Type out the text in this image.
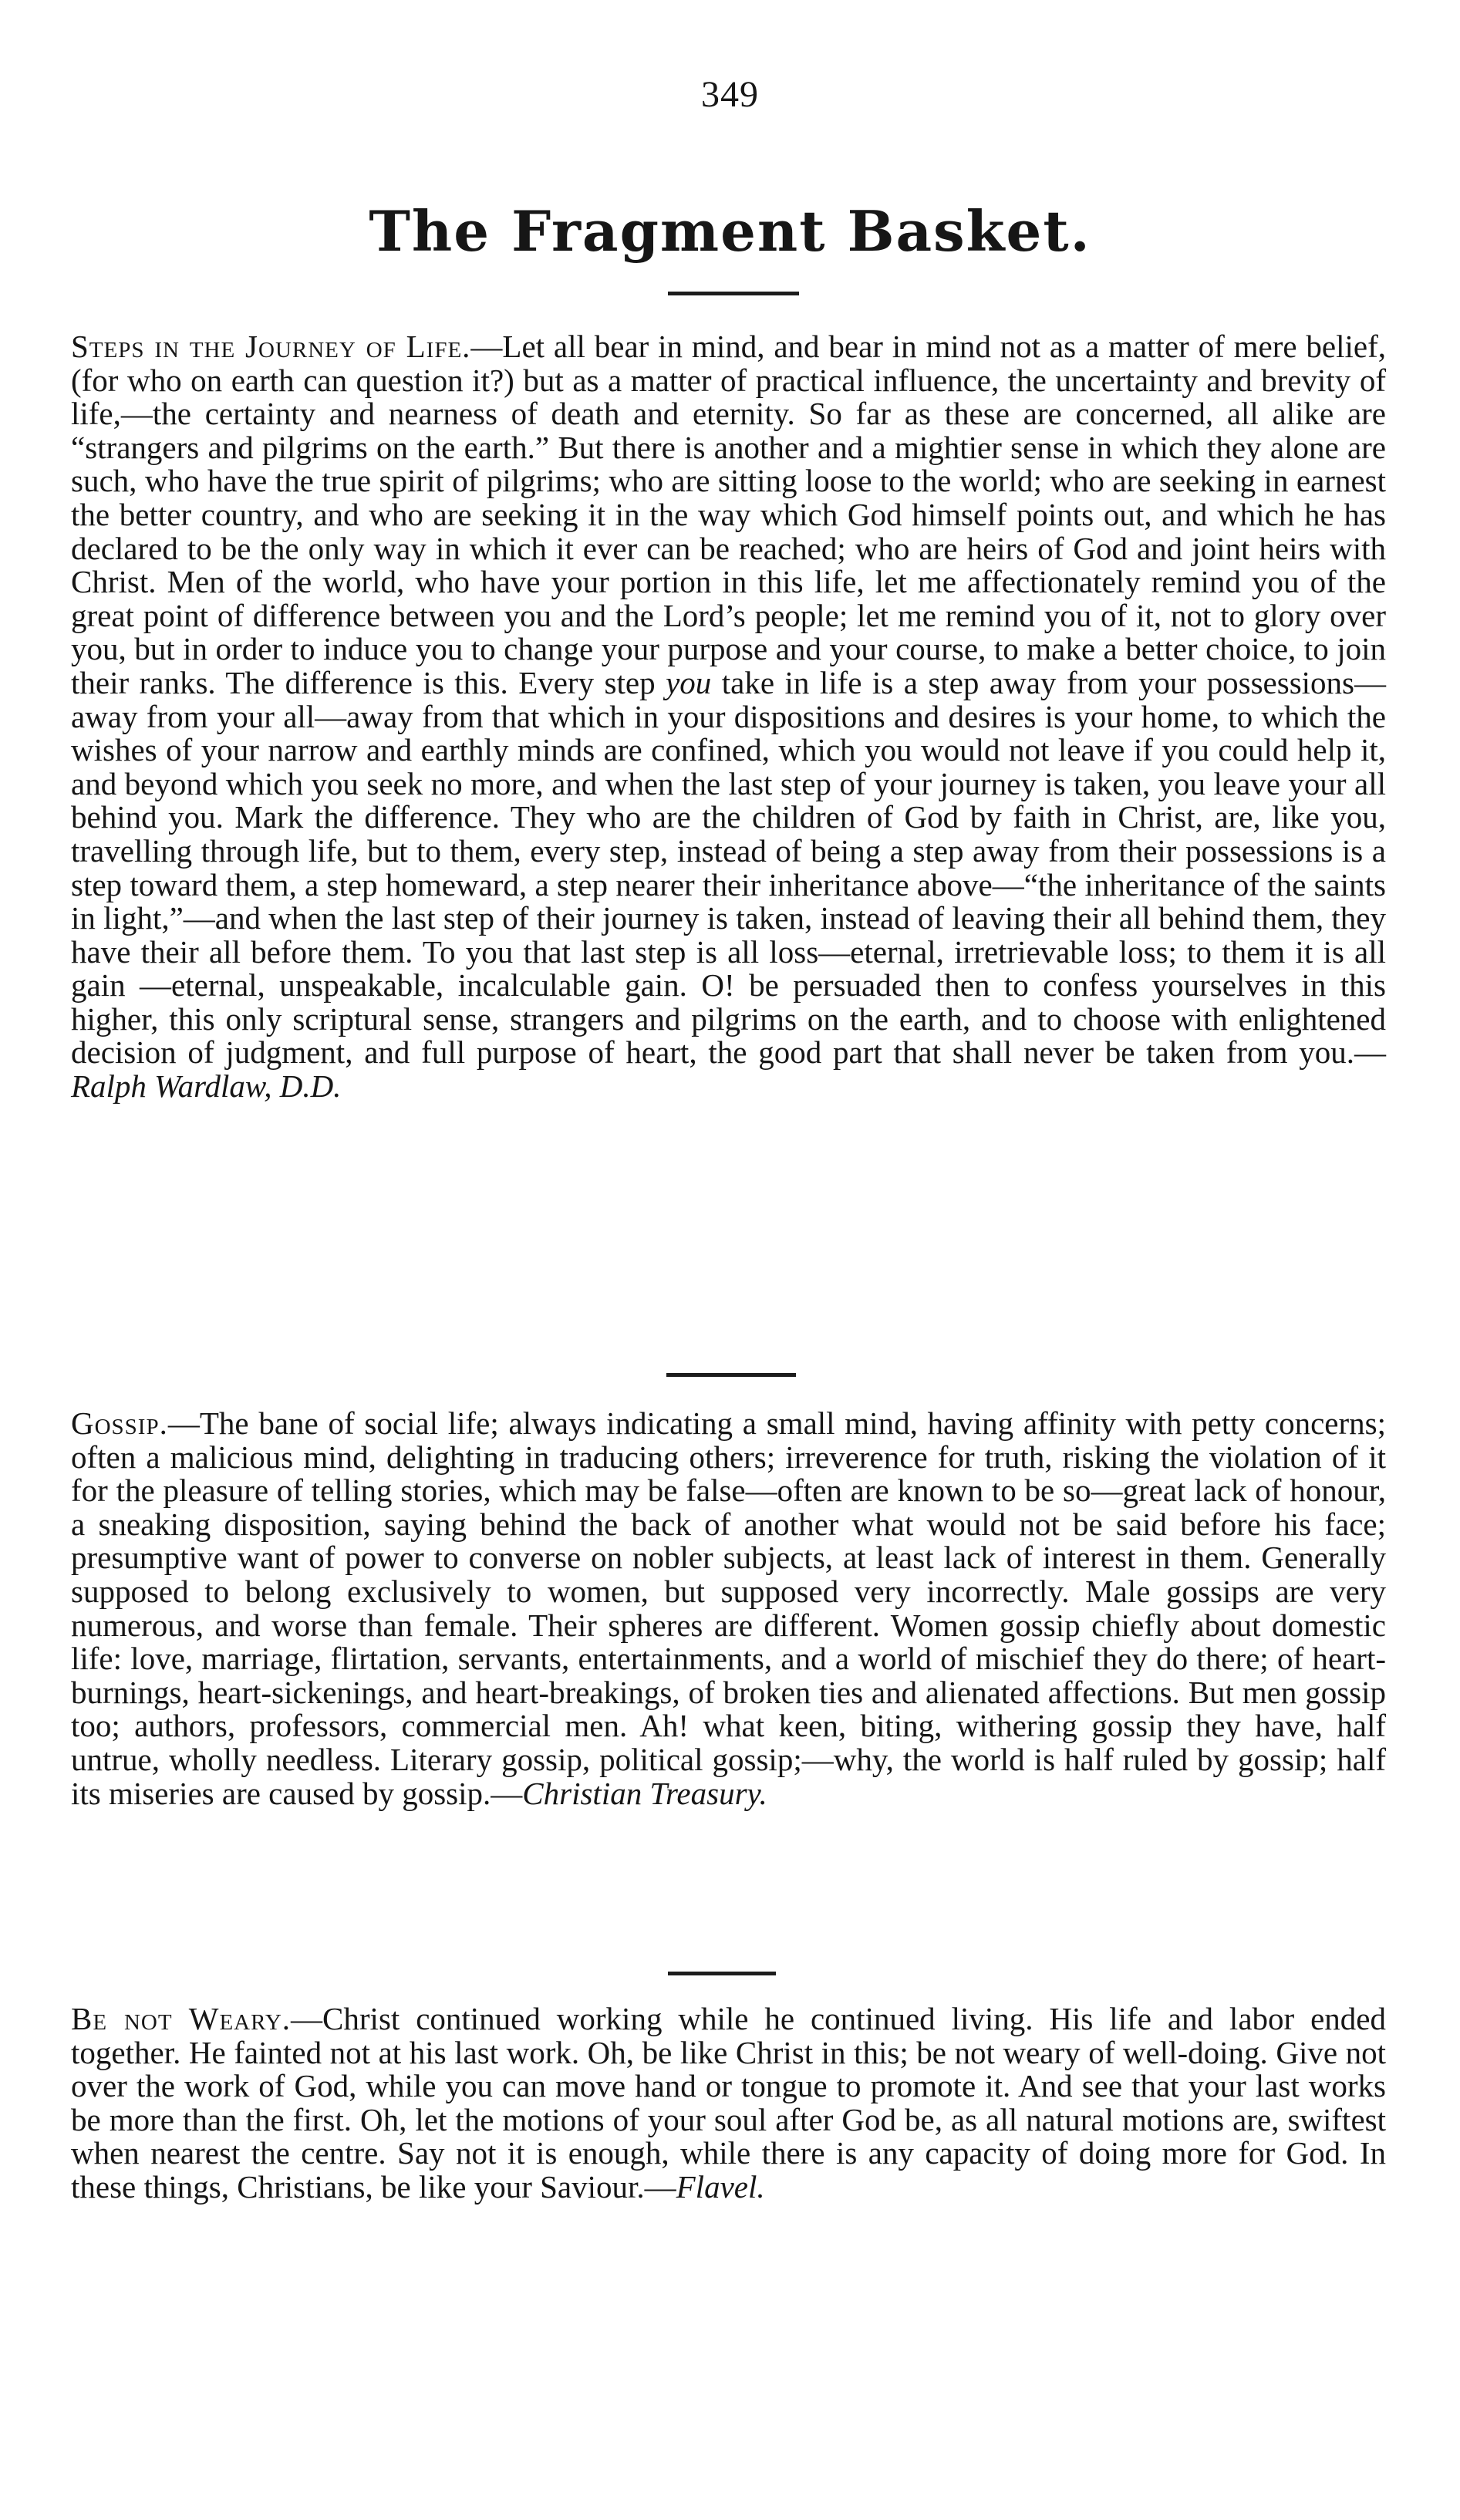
349
The Fragment Basket.

Steps in the Journey of Life.—Let all bear in mind, and bear in mind not as a matter of mere belief, (for who on earth can question it?) but as a matter of practical influence, the uncertainty and brevity of life,—the certainty and nearness of death and eternity. So far as these are concerned, all alike are “strangers and pilgrims on the earth.” But there is another and a mightier sense in which they alone are such, who have the true spirit of pilgrims; who are sitting loose to the world; who are seeking in earnest the better country, and who are seeking it in the way which God himself points out, and which he has declared to be the only way in which it ever can be reached; who are heirs of God and joint heirs with Christ. Men of the world, who have your portion in this life, let me affectionately remind you of the great point of difference between you and the Lord’s people; let me remind you of it, not to glory over you, but in order to induce you to change your purpose and your course, to make a better choice, to join their ranks. The difference is this. Every step you take in life is a step away from your possessions—away from your all—away from that which in your dispositions and desires is your home, to which the wishes of your narrow and earthly minds are confined, which you would not leave if you could help it, and beyond which you seek no more, and when the last step of your journey is taken, you leave your all behind you. Mark the difference. They who are the children of God by faith in Christ, are, like you, travelling through life, but to them, every step, instead of being a step away from their possessions is a step toward them, a step homeward, a step nearer their inheritance above—“the inheritance of the saints in light,”—and when the last step of their journey is taken, instead of leaving their all behind them, they have their all before them. To you that last step is all loss—eternal, irretrievable loss; to them it is all gain —eternal, unspeakable, incalculable gain. O! be persuaded then to confess yourselves in this higher, this only scriptural sense, strangers and pilgrims on the earth, and to choose with enlightened decision of judgment, and full purpose of heart, the good part that shall never be taken from you.—Ralph Wardlaw, D.D.

Gossip.—The bane of social life; always indicating a small mind, having affinity with petty concerns; often a malicious mind, delighting in traducing others; irreverence for truth, risking the violation of it for the pleasure of telling stories, which may be false—often are known to be so—great lack of honour, a sneaking disposition, saying behind the back of another what would not be said before his face; presumptive want of power to converse on nobler subjects, at least lack of interest in them. Generally supposed to belong exclusively to women, but supposed very incorrectly. Male gossips are very numerous, and worse than female. Their spheres are different. Women gossip chiefly about domestic life: love, marriage, flirtation, servants, entertainments, and a world of mischief they do there; of heart-burnings, heart-sickenings, and heart-breakings, of broken ties and alienated affections. But men gossip too; authors, professors, commercial men. Ah! what keen, biting, withering gossip they have, half untrue, wholly needless. Literary gossip, political gossip;—why, the world is half ruled by gossip; half its miseries are caused by gossip.—Christian Treasury.

Be not Weary.—Christ continued working while he continued living. His life and labor ended together. He fainted not at his last work. Oh, be like Christ in this; be not weary of well-doing. Give not over the work of God, while you can move hand or tongue to promote it. And see that your last works be more than the first. Oh, let the motions of your soul after God be, as all natural motions are, swiftest when nearest the centre. Say not it is enough, while there is any capacity of doing more for God. In these things, Christians, be like your Saviour.—Flavel.
